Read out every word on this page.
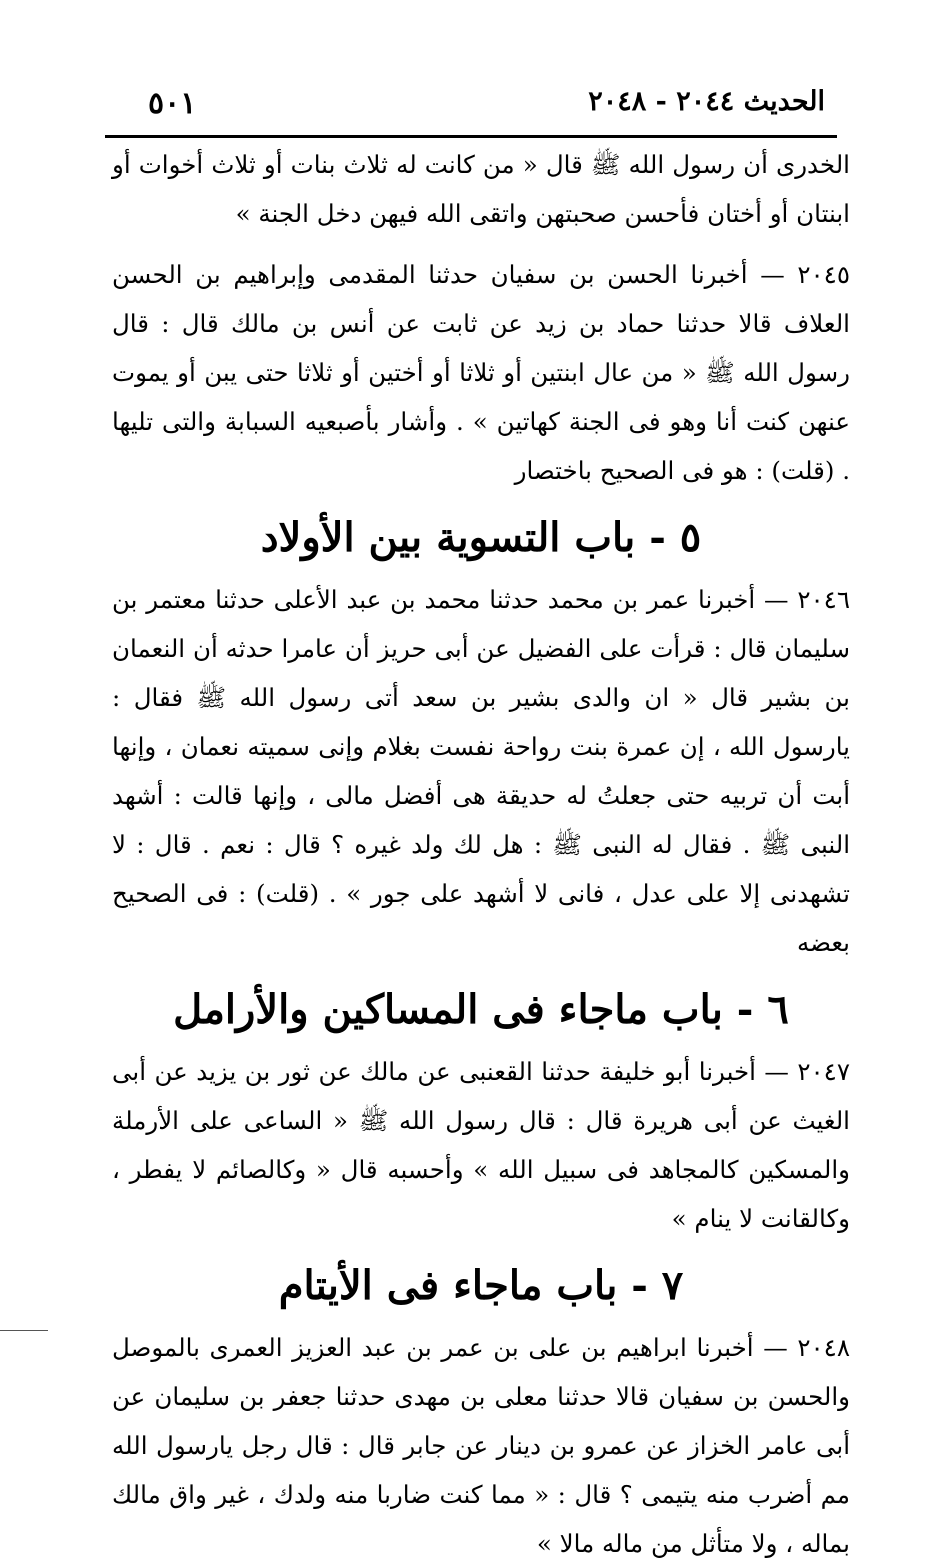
الحديث ٢٠٤٤ - ٢٠٤٨
٥٠١

الخدرى أن رسول الله ﷺ قال « من كانت له ثلاث بنات أو ثلاث أخوات أو ابنتان أو أختان فأحسن صحبتهن واتقى الله فيهن دخل الجنة »

٢٠٤٥ — أخبرنا الحسن بن سفيان حدثنا المقدمى وإبراهيم بن الحسن العلاف قالا حدثنا حماد بن زيد عن ثابت عن أنس بن مالك قال : قال رسول الله ﷺ « من عال ابنتين أو ثلاثا أو أختين أو ثلاثا حتى يبن أو يموت عنهن كنت أنا وهو فى الجنة كهاتين » . وأشار بأصبعيه السبابة والتى تليها . (قلت) : هو فى الصحيح باختصار

٥ - باب التسوية بين الأولاد

٢٠٤٦ — أخبرنا عمر بن محمد حدثنا محمد بن عبد الأعلى حدثنا معتمر بن سليمان قال : قرأت على الفضيل عن أبى حريز أن عامرا حدثه أن النعمان بن بشير قال « ان والدى بشير بن سعد أتى رسول الله ﷺ فقال : يارسول الله ، إن عمرة بنت رواحة نفست بغلام وإنى سميته نعمان ، وإنها أبت أن تربيه حتى جعلتُ له حديقة هى أفضل مالى ، وإنها قالت : أشهد النبى ﷺ . فقال له النبى ﷺ : هل لك ولد غيره ؟ قال : نعم . قال : لا تشهدنى إلا على عدل ، فانى لا أشهد على جور » . (قلت) : فى الصحيح بعضه

٦ - باب ماجاء فى المساكين والأرامل

٢٠٤٧ — أخبرنا أبو خليفة حدثنا القعنبى عن مالك عن ثور بن يزيد عن أبى الغيث عن أبى هريرة قال : قال رسول الله ﷺ « الساعى على الأرملة والمسكين كالمجاهد فى سبيل الله » وأحسبه قال « وكالصائم لا يفطر ، وكالقانت لا ينام »

٧ - باب ماجاء فى الأيتام

٢٠٤٨ — أخبرنا ابراهيم بن على بن عمر بن عبد العزيز العمرى بالموصل والحسن بن سفيان قالا حدثنا معلى بن مهدى حدثنا جعفر بن سليمان عن أبى عامر الخزاز عن عمرو بن دينار عن جابر قال : قال رجل يارسول الله مم أضرب منه يتيمى ؟ قال : « مما كنت ضاربا منه ولدك ، غير واق مالك بماله ، ولا متأثل من ماله مالا »
